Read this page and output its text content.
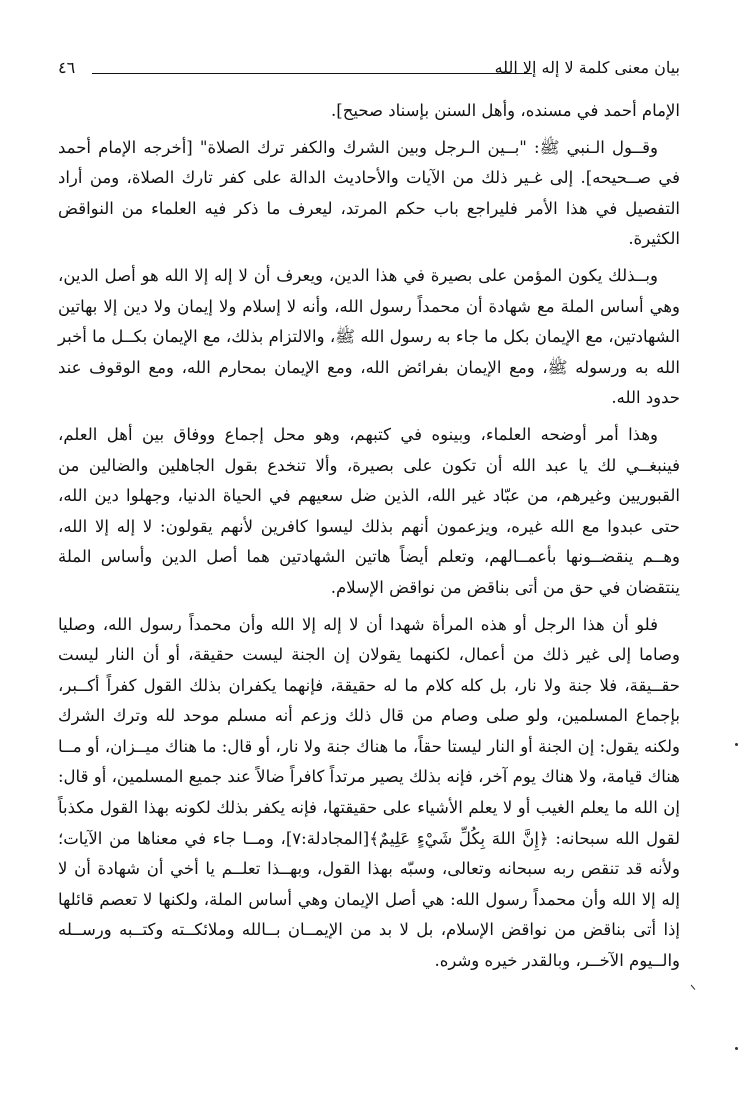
بيان معنى كلمة لا إله إلا الله
٤٦

الإمام أحمد في مسنده، وأهل السنن بإسناد صحيح].

وقــول الـنبي ﷺ: "بــين الـرجل وبين الشرك والكفر ترك الصلاة" [أخرجه الإمام أحمد في صــحيحه]. إلى غـير ذلك من الآيات والأحاديث الدالة على كفر تارك الصلاة، ومن أراد التفصيل في هذا الأمر فليراجع باب حكم المرتد، ليعرف ما ذكر فيه العلماء من النواقض الكثيرة.

وبــذلك يكون المؤمن على بصيرة في هذا الدين، ويعرف أن لا إله إلا الله هو أصل الدين، وهي أساس الملة مع شهادة أن محمداً رسول الله، وأنه لا إسلام ولا إيمان ولا دين إلا بهاتين الشهادتين، مع الإيمان بكل ما جاء به رسول الله ﷺ، والالتزام بذلك، مع الإيمان بكــل ما أخبر الله به ورسوله ﷺ، ومع الإيمان بفرائض الله، ومع الإيمان بمحارم الله، ومع الوقوف عند حدود الله.

وهذا أمر أوضحه العلماء، وبينوه في كتبهم، وهو محل إجماع ووفاق بين أهل العلم، فينبغــي لك يا عبد الله أن تكون على بصيرة، وألا تنخدع بقول الجاهلين والضالين من القبوريين وغيرهم، من عبّاد غير الله، الذين ضل سعيهم في الحياة الدنيا، وجهلوا دين الله، حتى عبدوا مع الله غيره، ويزعمون أنهم بذلك ليسوا كافرين لأنهم يقولون: لا إله إلا الله، وهــم ينقضــونها بأعمــالهم، وتعلم أيضاً هاتين الشهادتين هما أصل الدين وأساس الملة ينتقضان في حق من أتى بناقض من نواقض الإسلام.

فلو أن هذا الرجل أو هذه المرأة شهدا أن لا إله إلا الله وأن محمداً رسول الله، وصليا وصاما إلى غير ذلك من أعمال، لكنهما يقولان إن الجنة ليست حقيقة، أو أن النار ليست حقــيقة، فلا جنة ولا نار، بل كله كلام ما له حقيقة، فإنهما يكفران بذلك القول كفراً أكــبر، بإجماع المسلمين، ولو صلى وصام من قال ذلك وزعم أنه مسلم موحد لله وترك الشرك ولكنه يقول: إن الجنة أو النار ليستا حقاً، ما هناك جنة ولا نار، أو قال: ما هناك ميــزان، أو مــا هناك قيامة، ولا هناك يوم آخر، فإنه بذلك يصير مرتداً كافراً ضالاً عند جميع المسلمين، أو قال: إن الله ما يعلم الغيب أو لا يعلم الأشياء على حقيقتها، فإنه يكفر بذلك لكونه بهذا القول مكذباً لقول الله سبحانه: ﴿إِنَّ اللهَ بِكُلِّ شَيْءٍ عَلِيمٌ﴾[المجادلة:٧]، ومــا جاء في معناها من الآيات؛ ولأنه قد تنقص ربه سبحانه وتعالى، وسبّه بهذا القول، وبهــذا تعلــم يا أخي أن شهادة أن لا إله إلا الله وأن محمداً رسول الله: هي أصل الإيمان وهي أساس الملة، ولكنها لا تعصم قائلها إذا أتى بناقض من نواقض الإسلام، بل لا بد من الإيمــان بــالله وملائكــته وكتــبه ورســله والــيوم الآخــر، وبالقدر خيره وشره.
